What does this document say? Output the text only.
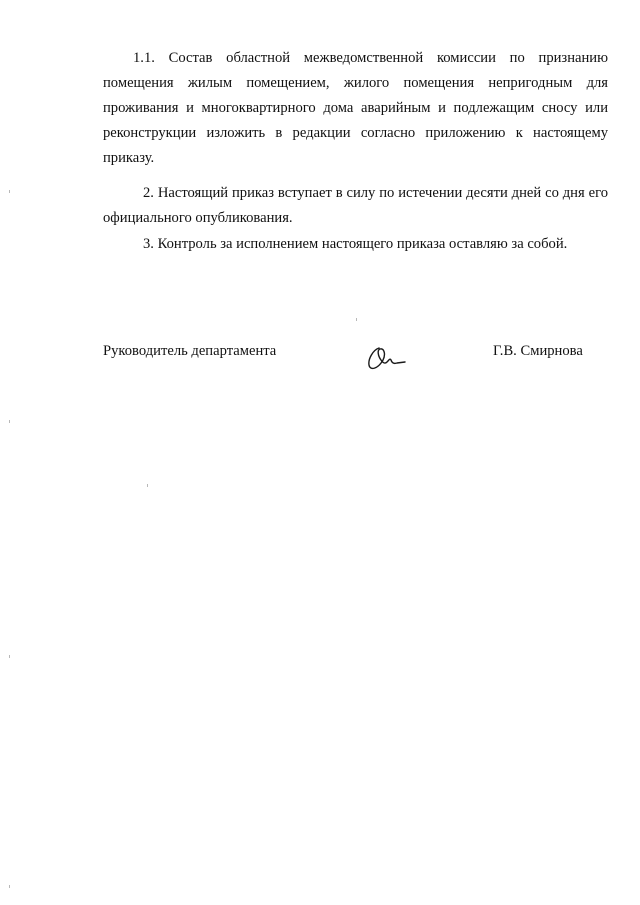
1.1. Состав областной межведомственной комиссии по признанию помещения жилым помещением, жилого помещения непригодным для проживания и многоквартирного дома аварийным и подлежащим сносу или реконструкции изложить в редакции согласно приложению к настоящему приказу.

2. Настоящий приказ вступает в силу по истечении десяти дней со дня его официального опубликования.

3. Контроль за исполнением настоящего приказа оставляю за собой.

Руководитель департамента	Г.В. Смирнова
